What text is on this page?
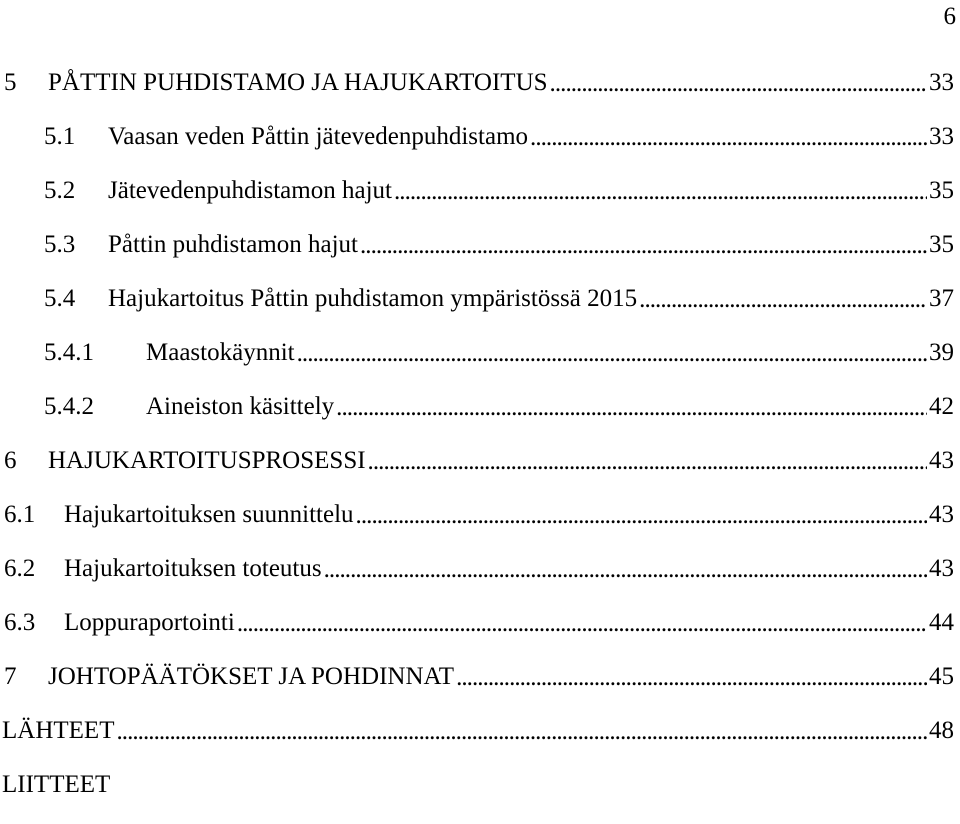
6
5	PÅTTIN PUHDISTAMO JA HAJUKARTOITUS . . .	33
5.1	Vaasan veden Påttin jätevedenpuhdistamo . . .	33
5.2	Jätevedenpuhdistamon hajut . . .	35
5.3	Påttin puhdistamon hajut . . .	35
5.4	Hajukartoitus Påttin puhdistamon ympäristössä 2015 . . .	37
5.4.1	Maastokäynnit . . .	39
5.4.2	Aineiston käsittely . . .	42
6	HAJUKARTOITUSPROSESSI . . .	43
6.1	Hajukartoituksen suunnittelu . . .	43
6.2	Hajukartoituksen toteutus . . .	43
6.3	Loppuraportointi . . .	44
7	JOHTOPÄÄTÖKSET JA POHDINNAT . . .	45
LÄHTEET . . .	48
LIITTEET
